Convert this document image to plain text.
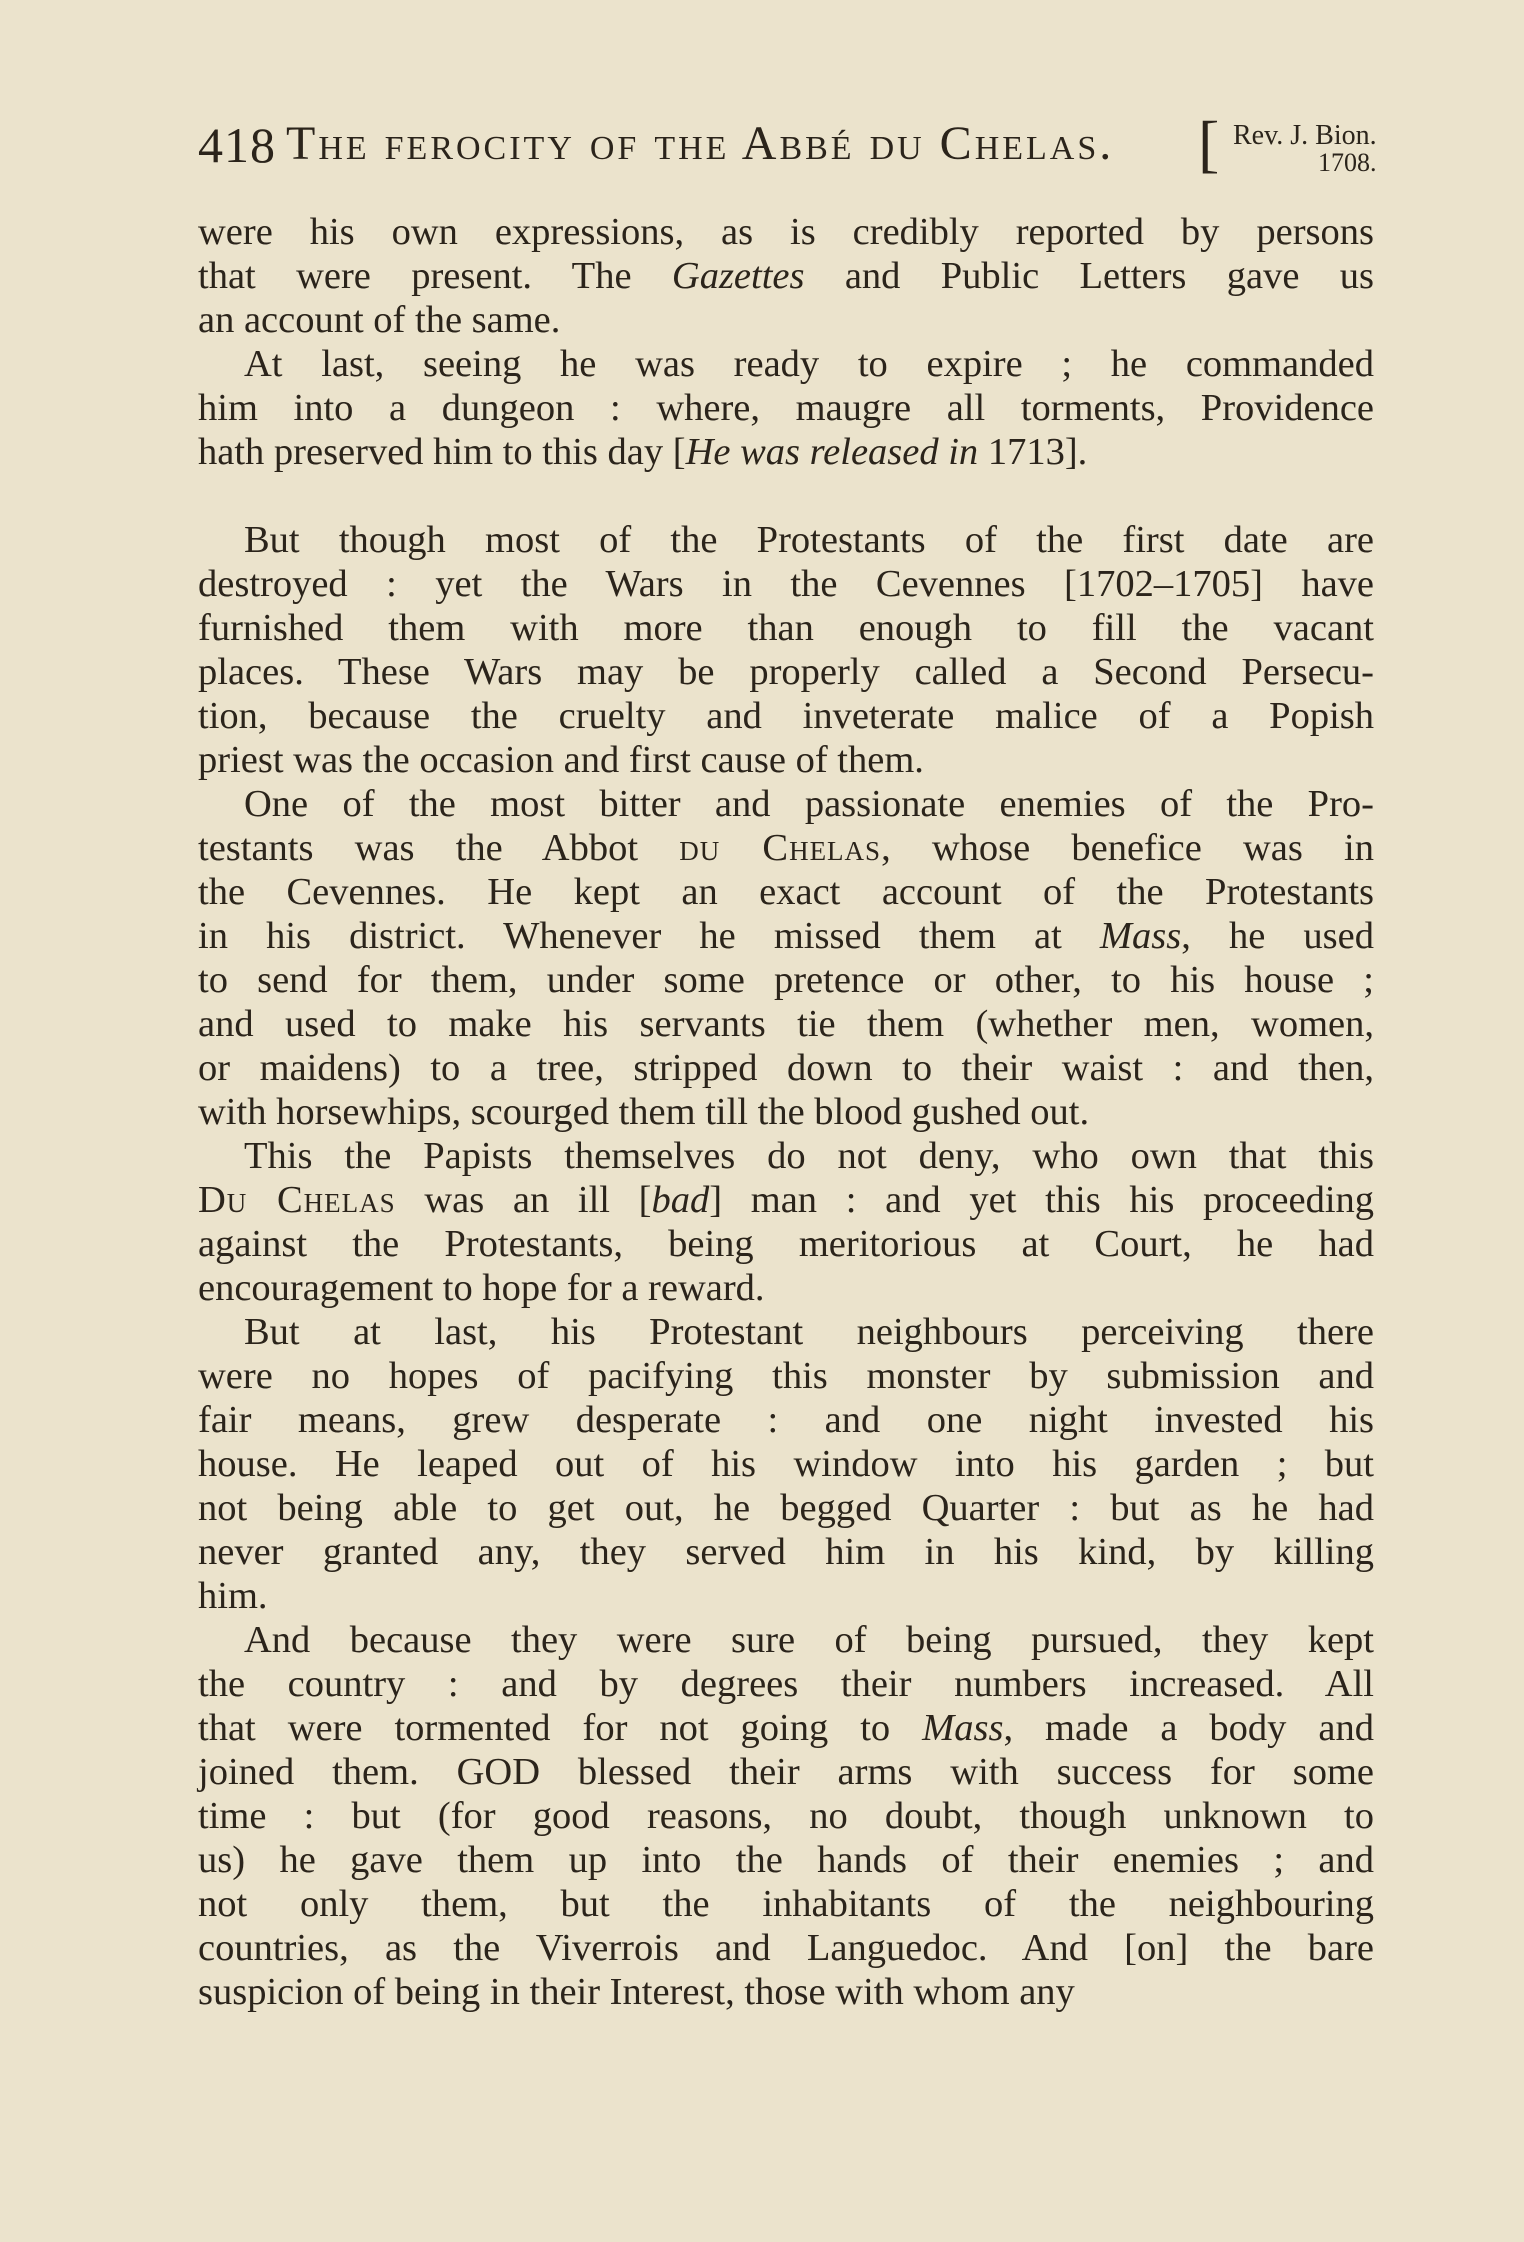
418 The ferocity of the Abbé du Chelas. [ Rev. J. Bion.
1708.
were his own expressions, as is credibly reported by persons
that were present. The Gazettes and Public Letters gave us
an account of the same.
At last, seeing he was ready to expire ; he commanded
him into a dungeon : where, maugre all torments, Providence
hath preserved him to this day [He was released in 1713].
But though most of the Protestants of the first date are
destroyed : yet the Wars in the Cevennes [1702–1705] have
furnished them with more than enough to fill the vacant
places. These Wars may be properly called a Second Persecu-
tion, because the cruelty and inveterate malice of a Popish
priest was the occasion and first cause of them.
One of the most bitter and passionate enemies of the Pro-
testants was the Abbot du Chelas, whose benefice was in
the Cevennes. He kept an exact account of the Protestants
in his district. Whenever he missed them at Mass, he used
to send for them, under some pretence or other, to his house ;
and used to make his servants tie them (whether men, women,
or maidens) to a tree, stripped down to their waist : and then,
with horsewhips, scourged them till the blood gushed out.
This the Papists themselves do not deny, who own that this
Du Chelas was an ill [bad] man : and yet this his proceeding
against the Protestants, being meritorious at Court, he had
encouragement to hope for a reward.
But at last, his Protestant neighbours perceiving there
were no hopes of pacifying this monster by submission and
fair means, grew desperate : and one night invested his
house. He leaped out of his window into his garden ; but
not being able to get out, he begged Quarter : but as he had
never granted any, they served him in his kind, by killing
him.
And because they were sure of being pursued, they kept
the country : and by degrees their numbers increased. All
that were tormented for not going to Mass, made a body and
joined them. GOD blessed their arms with success for some
time : but (for good reasons, no doubt, though unknown to
us) he gave them up into the hands of their enemies ; and
not only them, but the inhabitants of the neighbouring
countries, as the Viverrois and Languedoc. And [on] the bare
suspicion of being in their Interest, those with whom any
